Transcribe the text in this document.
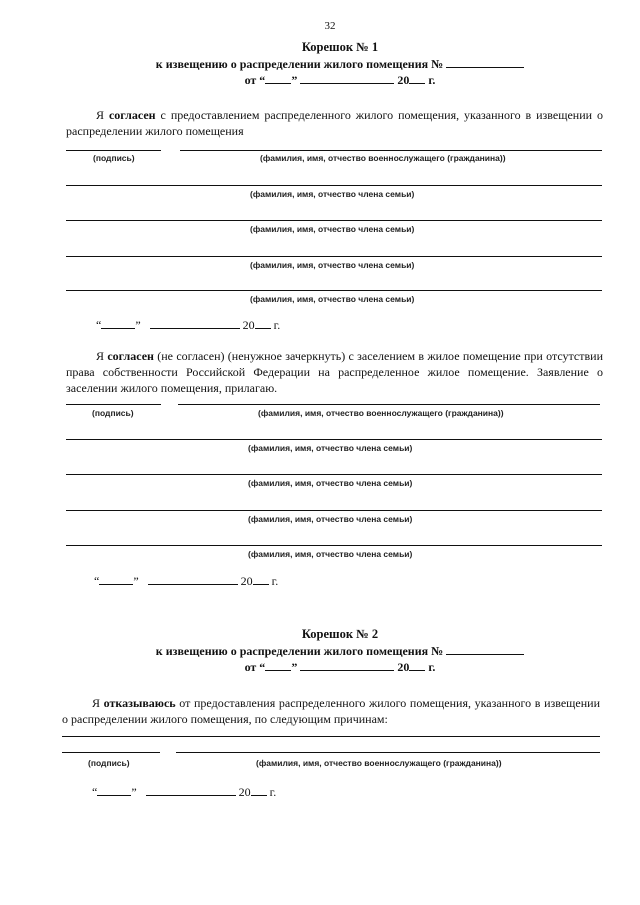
32
Корешок № 1
к извещению о распределении жилого помещения №
от “ ”	20 г.
Я согласен с предоставлением распределенного жилого помещения, указанного в извещении о распределении жилого помещения
(подпись)	(фамилия, имя, отчество военнослужащего (гражданина))
(фамилия, имя, отчество члена семьи)
(фамилия, имя, отчество члена семьи)
(фамилия, имя, отчество члена семьи)
(фамилия, имя, отчество члена семьи)
“	”	20 г.
Я согласен (не согласен) (ненужное зачеркнуть) с заселением в жилое помещение при отсутствии права собственности Российской Федерации на распределенное жилое помещение. Заявление о заселении жилого помещения, прилагаю.
(подпись)	(фамилия, имя, отчество военнослужащего (гражданина))
(фамилия, имя, отчество члена семьи)
(фамилия, имя, отчество члена семьи)
(фамилия, имя, отчество члена семьи)
(фамилия, имя, отчество члена семьи)
“	”	20 г.
Корешок № 2
к извещению о распределении жилого помещения №
от “ ”	20 г.
Я отказываюсь от предоставления распределенного жилого помещения, указанного в извещении о распределении жилого помещения, по следующим причинам:
(подпись)	(фамилия, имя, отчество военнослужащего (гражданина))
“	”	20 г.
